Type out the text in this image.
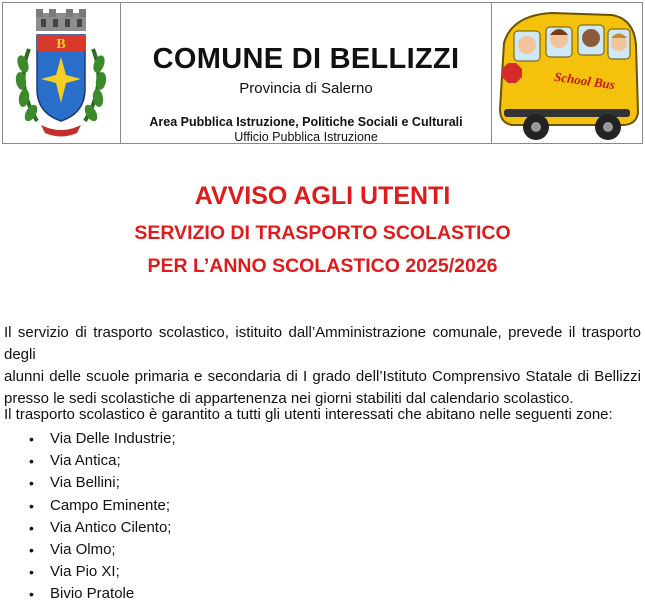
B	COMUNE DI BELLIZZI
Provincia di Salerno
Area Pubblica Istruzione, Politiche Sociali e Culturali
Ufficio Pubblica Istruzione
School Bus
AVVISO AGLI UTENTI
SERVIZIO DI TRASPORTO SCOLASTICO
PER L’ANNO SCOLASTICO 2025/2026
Il servizio di trasporto scolastico, istituito dall’Amministrazione comunale, prevede il trasporto degli
alunni delle scuole primaria e secondaria di I grado dell’Istituto Comprensivo Statale di Bellizzi
presso le sedi scolastiche di appartenenza nei giorni stabiliti dal calendario scolastico.
Il trasporto scolastico è garantito a tutti gli utenti interessati che abitano nelle seguenti zone:
• Via Delle Industrie;
• Via Antica;
• Via Bellini;
• Campo Eminente;
• Via Antico Cilento;
• Via Olmo;
• Via Pio XI;
• Bivio Pratole
